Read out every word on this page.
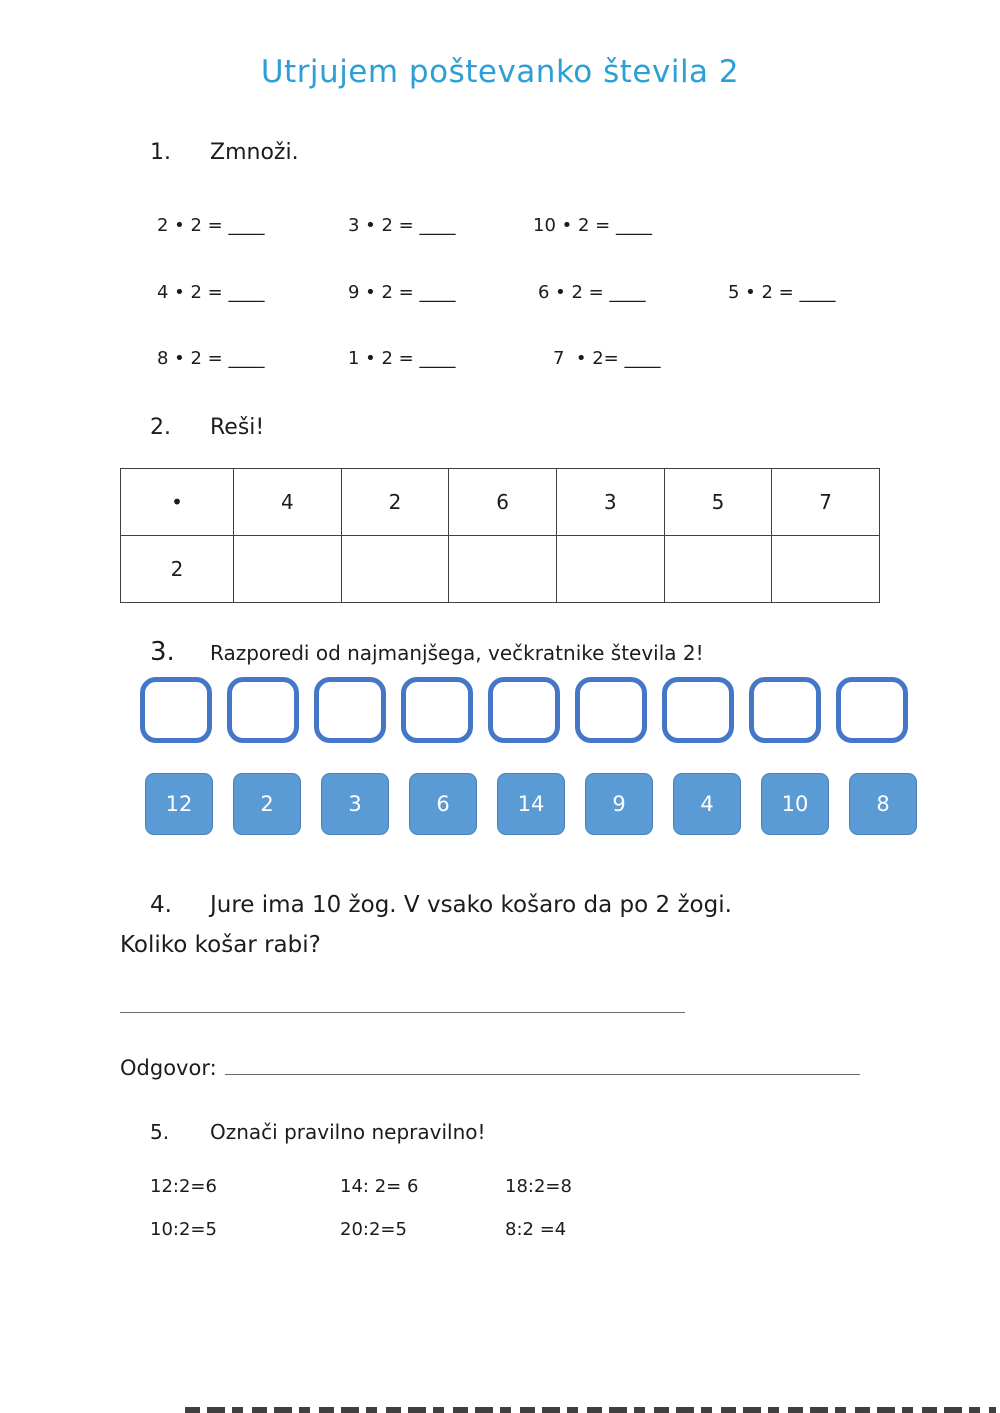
Utrjujem poštevanko števila 2
1.	Zmnoži.
2 • 2 = ____	3 • 2 = ____	10 • 2 = ____
4 • 2 = ____	9 • 2 = ____	6 • 2 = ____	5 • 2 = ____
8 • 2 = ____	1 • 2 = ____	7  • 2= ____
2.	Reši!
•	4	2	6	3	5	7
2						
3.	Razporedi od najmanjšega, večkratnike števila 2!
12	2	3	6	14	9	4	10	8
4.	Jure ima 10 žog. V vsako košaro da po 2 žogi.
Koliko košar rabi?
Odgovor:
5.	Označi pravilno nepravilno!
12:2=6	14: 2= 6	18:2=8
10:2=5	20:2=5	8:2 =4
